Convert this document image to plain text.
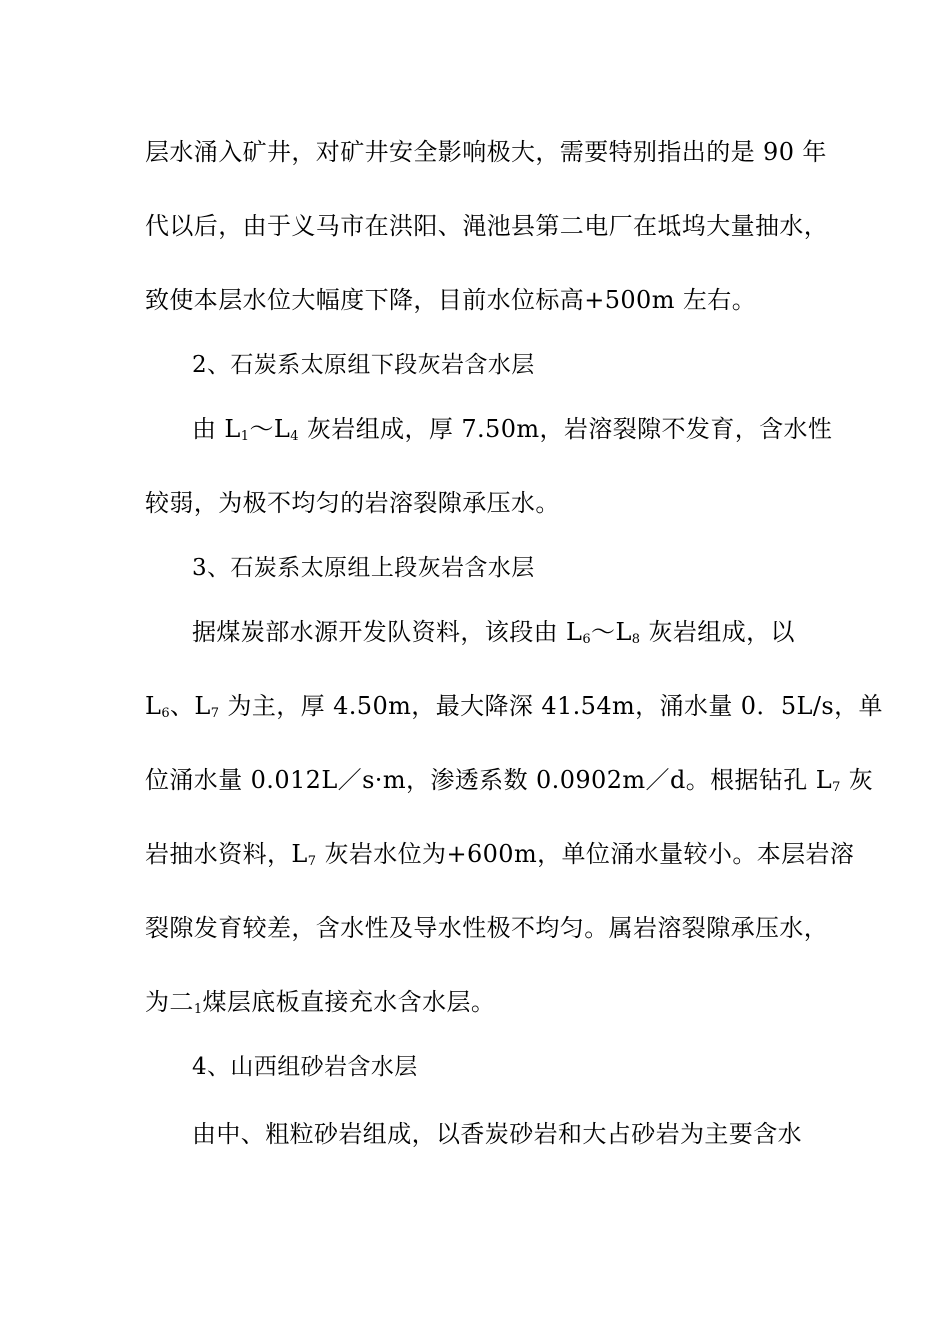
层水涌入矿井，对矿井安全影响极大，需要特别指出的是 90 年
代以后，由于义马市在洪阳、渑池县第二电厂在坻坞大量抽水，
致使本层水位大幅度下降，目前水位标高+500m 左右。
2、石炭系太原组下段灰岩含水层
由 $L_1\sim L_4$ 灰岩组成，厚 7.50m，岩溶裂隙不发育，含水性
较弱，为极不均匀的岩溶裂隙承压水。
3、石炭系太原组上段灰岩含水层
据煤炭部水源开发队资料，该段由 $L_6\sim L_8$ 灰岩组成，以
$L_6$、$L_7$ 为主，厚 4.50m，最大降深 41.54m，涌水量 0．5L/s，单
位涌水量 0.012L／s·m，渗透系数 0.0902m／d。根据钻孔 $L_7$ 灰
岩抽水资料，$L_7$ 灰岩水位为+600m，单位涌水量较小。本层岩溶
裂隙发育较差，含水性及导水性极不均匀。属岩溶裂隙承压水，
为二$_1$煤层底板直接充水含水层。
4、山西组砂岩含水层
由中、粗粒砂岩组成，以香炭砂岩和大占砂岩为主要含水
